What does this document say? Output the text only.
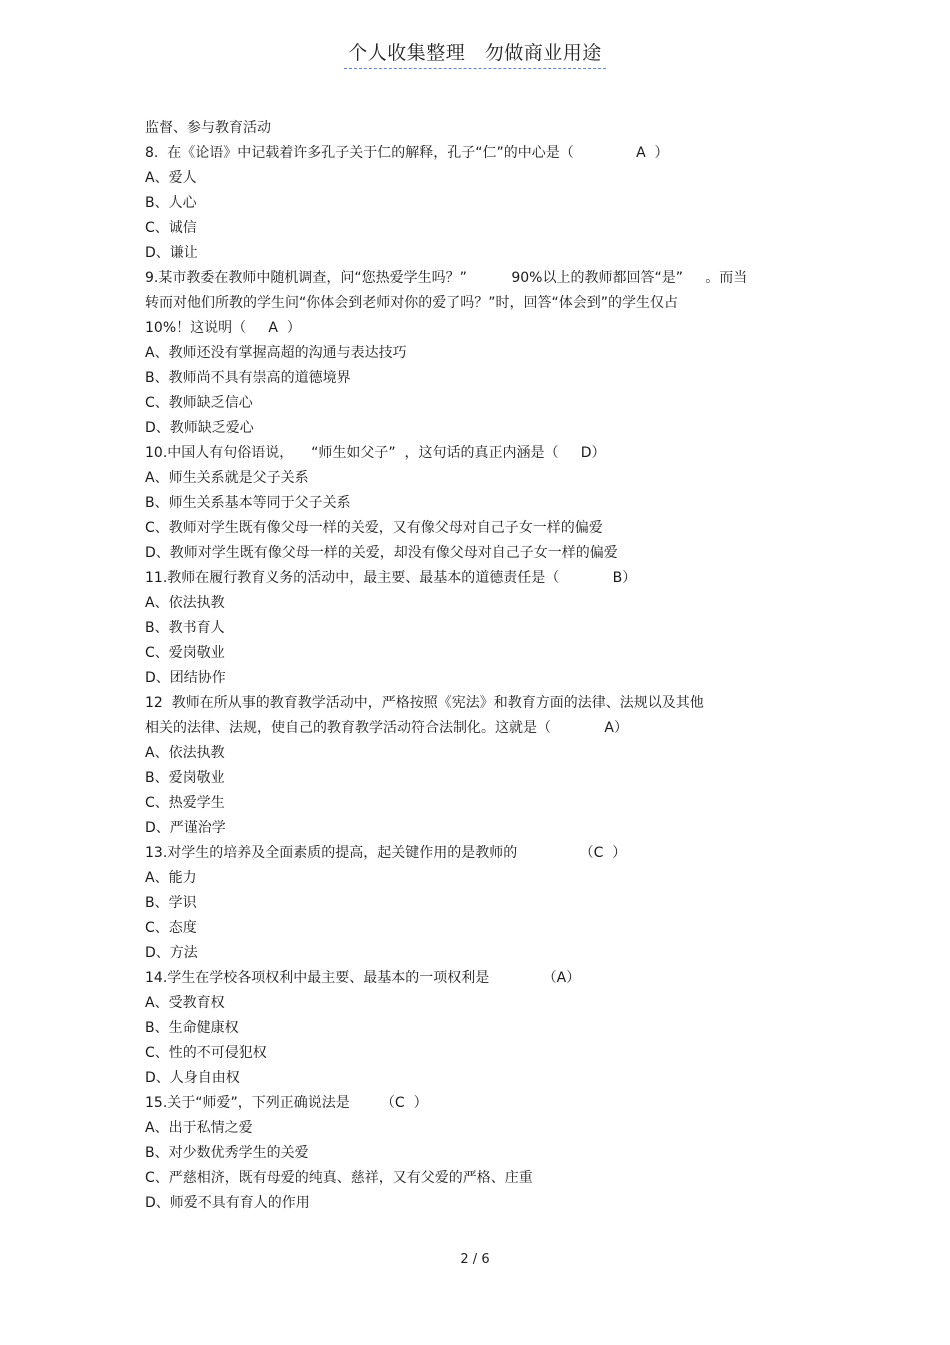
个人收集整理   勿做商业用途
监督、参与教育活动
8.  在《论语》中记载着许多孔子关于仁的解释，孔子“仁”的中心是（              A  ）
A、爱人
B、人心
C、诚信
D、谦让
9.某市教委在教师中随机调查，问“您热爱学生吗？”          90%以上的教师都回答“是”     。而当
转而对他们所教的学生问“你体会到老师对你的爱了吗？”时，回答“体会到”的学生仅占
10%！这说明（     A  ）
A、教师还没有掌握高超的沟通与表达技巧
B、教师尚不具有崇高的道德境界
C、教师缺乏信心
D、教师缺乏爱心
10.中国人有句俗语说，    “师生如父子”  ，这句话的真正内涵是（     D）
A、师生关系就是父子关系
B、师生关系基本等同于父子关系
C、教师对学生既有像父母一样的关爱，又有像父母对自己子女一样的偏爱
D、教师对学生既有像父母一样的关爱，却没有像父母对自己子女一样的偏爱
11.教师在履行教育义务的活动中，最主要、最基本的道德责任是（            B）
A、依法执教
B、教书育人
C、爱岗敬业
D、团结协作
12  教师在所从事的教育教学活动中，严格按照《宪法》和教育方面的法律、法规以及其他
相关的法律、法规，使自己的教育教学活动符合法制化。这就是（            A）
A、依法执教
B、爱岗敬业
C、热爱学生
D、严谨治学
13.对学生的培养及全面素质的提高，起关键作用的是教师的              （C  ）
A、能力
B、学识
C、态度
D、方法
14.学生在学校各项权利中最主要、最基本的一项权利是            （A）
A、受教育权
B、生命健康权
C、性的不可侵犯权
D、人身自由权
15.关于“师爱”，下列正确说法是       （C  ）
A、出于私情之爱
B、对少数优秀学生的关爱
C、严慈相济，既有母爱的纯真、慈祥，又有父爱的严格、庄重
D、师爱不具有育人的作用
2 / 6
